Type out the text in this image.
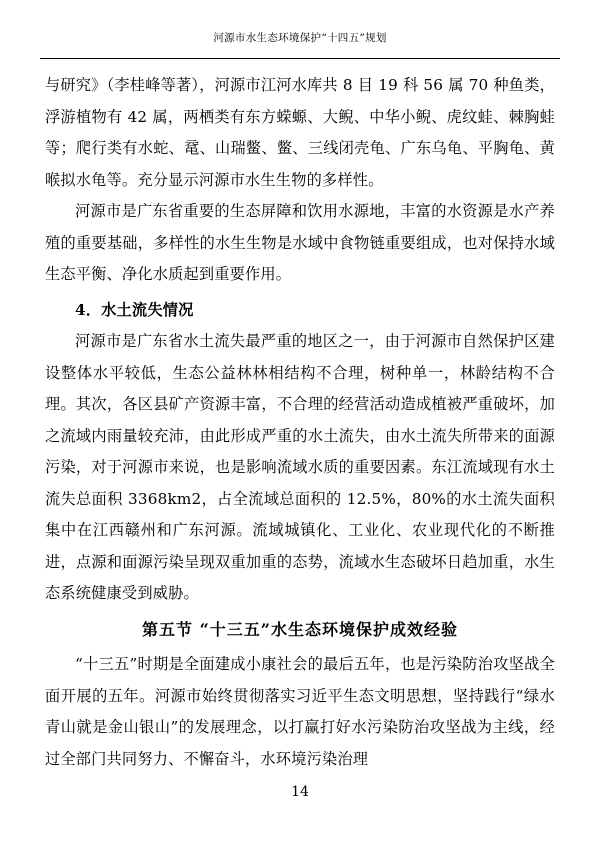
河源市水生态环境保护“十四五”规划

与研究》（李桂峰等著），河源市江河水库共 8 目 19 科 56 属 70 种鱼类，浮游植物有 42 属，两栖类有东方蝾螈、大鲵、中华小鲵、虎纹蛙、棘胸蛙等；爬行类有水蛇、鼋、山瑞鳖、鳖、三线闭壳龟、广东乌龟、平胸龟、黄喉拟水龟等。充分显示河源市水生生物的多样性。

河源市是广东省重要的生态屏障和饮用水源地，丰富的水资源是水产养殖的重要基础，多样性的水生生物是水域中食物链重要组成，也对保持水域生态平衡、净化水质起到重要作用。

4．水土流失情况

河源市是广东省水土流失最严重的地区之一，由于河源市自然保护区建设整体水平较低，生态公益林林相结构不合理，树种单一，林龄结构不合理。其次，各区县矿产资源丰富，不合理的经营活动造成植被严重破坏，加之流域内雨量较充沛，由此形成严重的水土流失，由水土流失所带来的面源污染，对于河源市来说，也是影响流域水质的重要因素。东江流域现有水土流失总面积 3368km2，占全流域总面积的 12.5%，80%的水土流失面积集中在江西赣州和广东河源。流域城镇化、工业化、农业现代化的不断推进，点源和面源污染呈现双重加重的态势，流域水生态破坏日趋加重，水生态系统健康受到威胁。

第五节 “十三五”水生态环境保护成效经验

“十三五”时期是全面建成小康社会的最后五年，也是污染防治攻坚战全面开展的五年。河源市始终贯彻落实习近平生态文明思想，坚持践行“绿水青山就是金山银山”的发展理念，以打赢打好水污染防治攻坚战为主线，经过全部门共同努力、不懈奋斗，水环境污染治理

14
